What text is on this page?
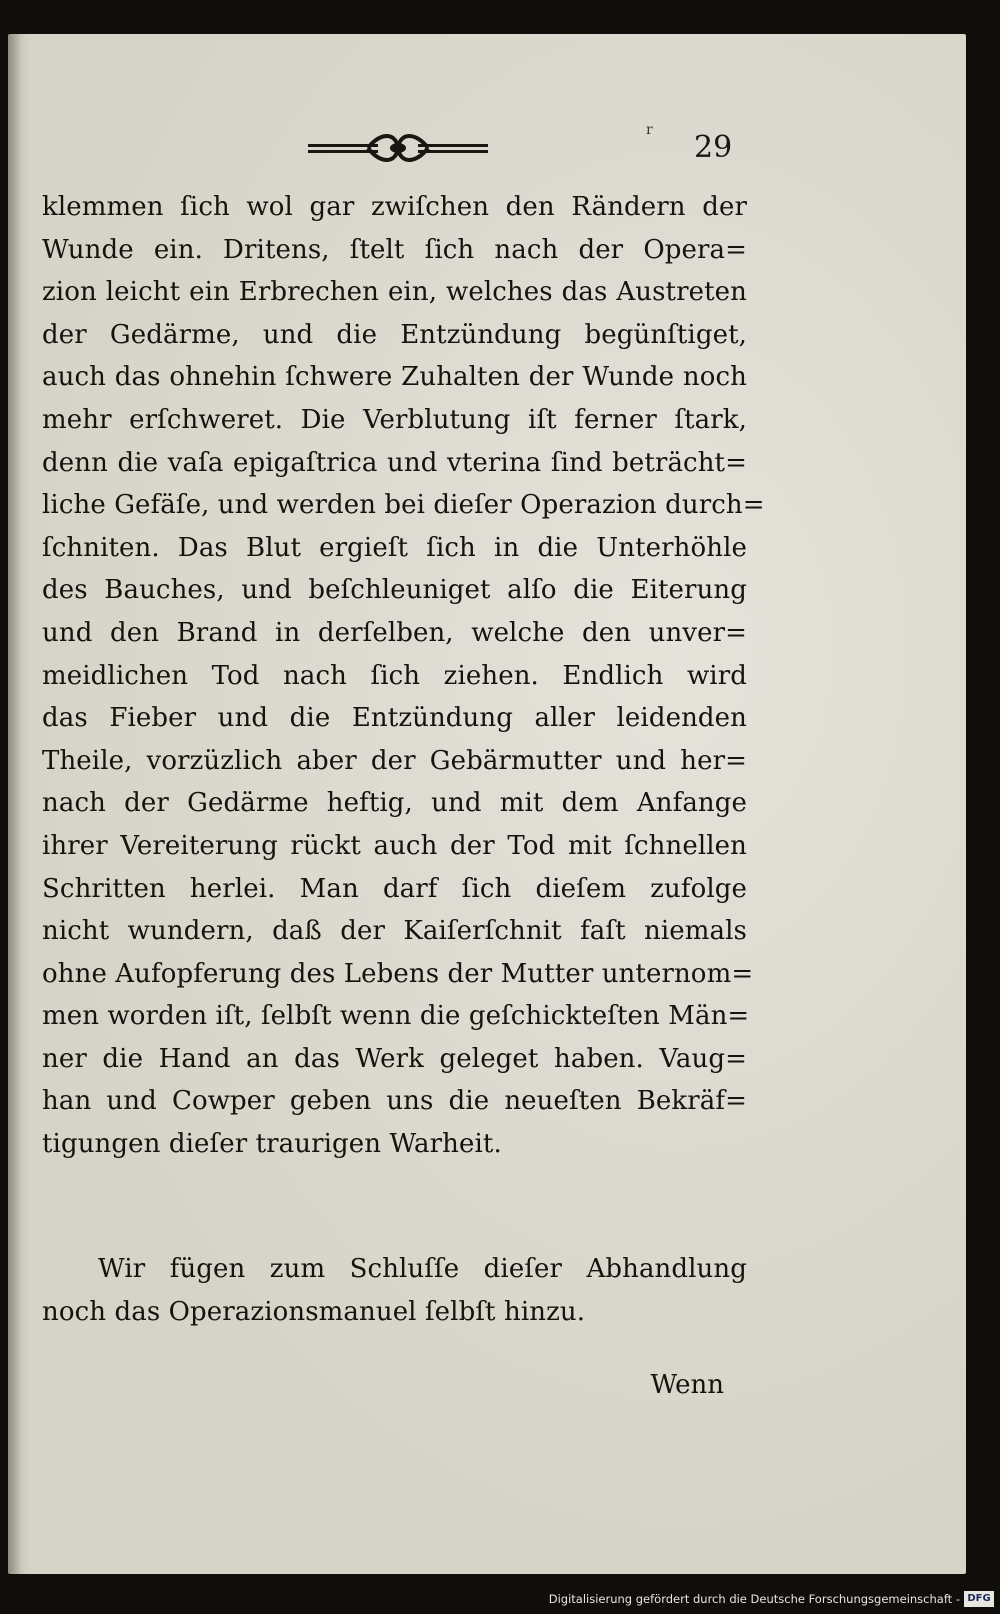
r 29
klemmen ſich wol gar zwiſchen den Rändern der
Wunde ein. Dritens, ſtelt ſich nach der Opera=
zion leicht ein Erbrechen ein, welches das Austreten
der Gedärme, und die Entzündung begünſtiget,
auch das ohnehin ſchwere Zuhalten der Wunde noch
mehr erſchweret. Die Verblutung iſt ferner ſtark,
denn die vaſa epigaſtrica und vterina ſind beträcht=
liche Gefäſe, und werden bei dieſer Operazion durch=
ſchniten. Das Blut ergieſt ſich in die Unterhöhle
des Bauches, und beſchleuniget alſo die Eiterung
und den Brand in derſelben, welche den unver=
meidlichen Tod nach ſich ziehen. Endlich wird
das Fieber und die Entzündung aller leidenden
Theile, vorzüzlich aber der Gebärmutter und her=
nach der Gedärme heftig, und mit dem Anfange
ihrer Vereiterung rückt auch der Tod mit ſchnellen
Schritten herlei. Man darf ſich dieſem zufolge
nicht wundern, daß der Kaiſerſchnit faſt niemals
ohne Aufopferung des Lebens der Mutter unternom=
men worden iſt, ſelbſt wenn die geſchickteſten Män=
ner die Hand an das Werk geleget haben. Vaug=
han und Cowper geben uns die neueſten Bekräf=
tigungen dieſer traurigen Warheit.
Wir fügen zum Schluſſe dieſer Abhandlung
noch das Operazionsmanuel ſelbſt hinzu.
Wenn
Digitalisierung gefördert durch die Deutsche Forschungsgemeinschaft - DFG
